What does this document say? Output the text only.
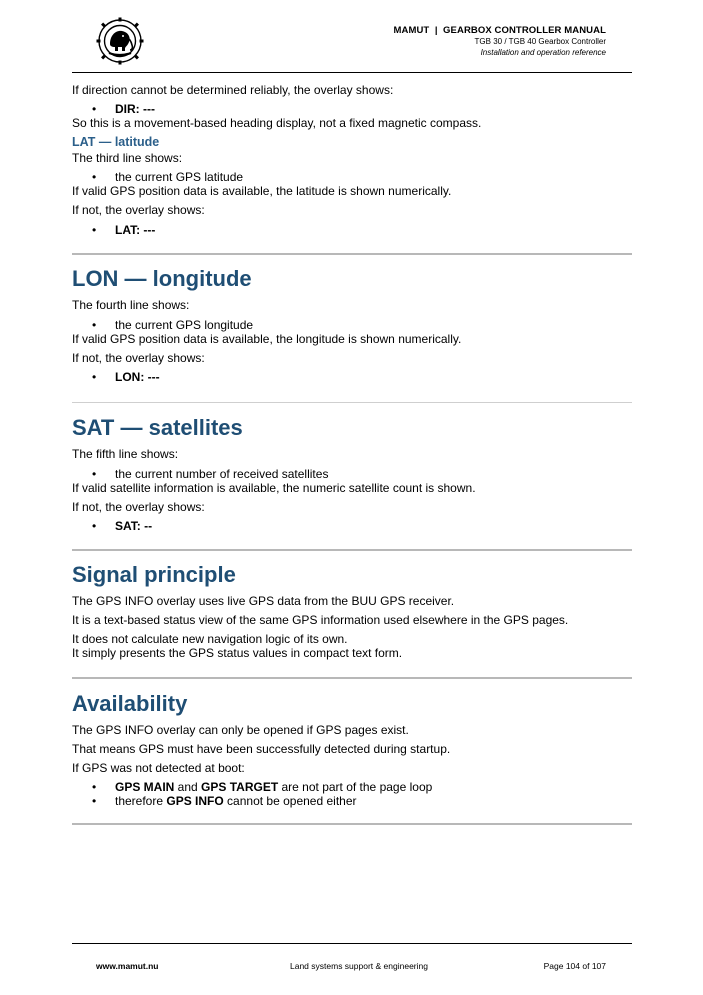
MAMUT  |  GEARBOX CONTROLLER MANUAL
TGB 30 / TGB 40 Gearbox Controller
Installation and operation reference

If direction cannot be determined reliably, the overlay shows:

• DIR: ---

So this is a movement-based heading display, not a fixed magnetic compass.

LAT — latitude

The third line shows:

• the current GPS latitude

If valid GPS position data is available, the latitude is shown numerically.

If not, the overlay shows:

• LAT: ---
LON — longitude

The fourth line shows:

• the current GPS longitude

If valid GPS position data is available, the longitude is shown numerically.

If not, the overlay shows:

• LON: ---
SAT — satellites

The fifth line shows:

• the current number of received satellites

If valid satellite information is available, the numeric satellite count is shown.

If not, the overlay shows:

• SAT: --
Signal principle

The GPS INFO overlay uses live GPS data from the BUU GPS receiver.

It is a text-based status view of the same GPS information used elsewhere in the GPS pages.

It does not calculate new navigation logic of its own.

It simply presents the GPS status values in compact text form.

Availability

The GPS INFO overlay can only be opened if GPS pages exist.

That means GPS must have been successfully detected during startup.

If GPS was not detected at boot:

• GPS MAIN and GPS TARGET are not part of the page loop
• therefore GPS INFO cannot be opened either
www.mamut.nu	Land systems support & engineering	Page 104 of 107
